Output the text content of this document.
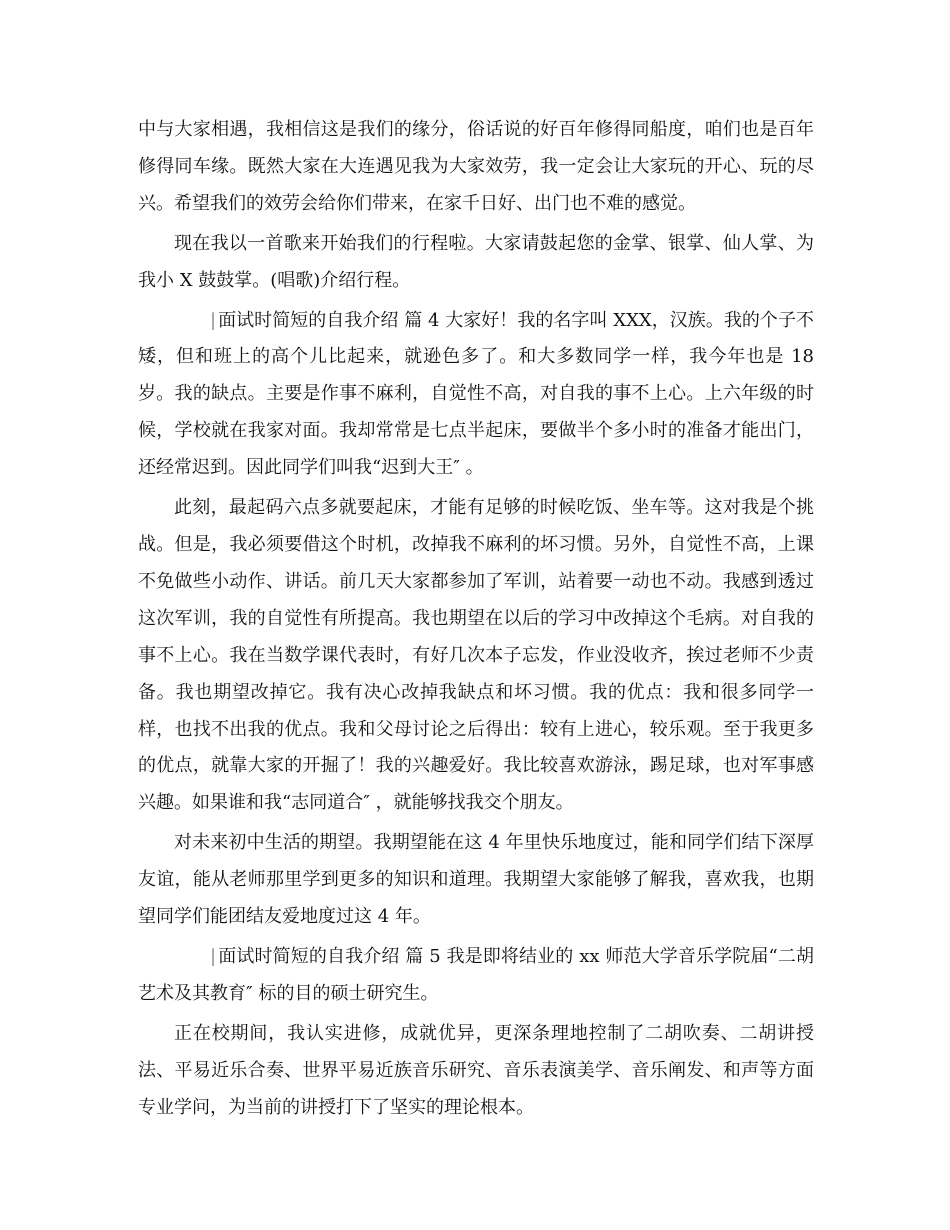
中与大家相遇，我相信这是我们的缘分，俗话说的好百年修得同船度，咱们也是百年修得同车缘。既然大家在大连遇见我为大家效劳，我一定会让大家玩的开心、玩的尽兴。希望我们的效劳会给你们带来，在家千日好、出门也不难的感觉。

现在我以一首歌来开始我们的行程啦。大家请鼓起您的金掌、银掌、仙人掌、为我小 X 鼓鼓掌。(唱歌)介绍行程。

| 面试时简短的自我介绍 篇 4 大家好！我的名字叫 XXX，汉族。我的个子不矮，但和班上的高个儿比起来，就逊色多了。和大多数同学一样，我今年也是 18岁。我的缺点。主要是作事不麻利，自觉性不高，对自我的事不上心。上六年级的时候，学校就在我家对面。我却常常是七点半起床，要做半个多小时的准备才能出门，还经常迟到。因此同学们叫我“迟到大王″ 。

此刻，最起码六点多就要起床，才能有足够的时候吃饭、坐车等。这对我是个挑战。但是，我必须要借这个时机，改掉我不麻利的坏习惯。另外，自觉性不高，上课不免做些小动作、讲话。前几天大家都参加了军训，站着要一动也不动。我感到透过这次军训，我的自觉性有所提高。我也期望在以后的学习中改掉这个毛病。对自我的事不上心。我在当数学课代表时，有好几次本子忘发，作业没收齐，挨过老师不少责备。我也期望改掉它。我有决心改掉我缺点和坏习惯。我的优点：我和很多同学一样，也找不出我的优点。我和父母讨论之后得出：较有上进心，较乐观。至于我更多的优点，就靠大家的开掘了！我的兴趣爱好。我比较喜欢游泳，踢足球，也对军事感兴趣。如果谁和我“志同道合″ ，就能够找我交个朋友。

对未来初中生活的期望。我期望能在这 4 年里快乐地度过，能和同学们结下深厚友谊，能从老师那里学到更多的知识和道理。我期望大家能够了解我，喜欢我，也期望同学们能团结友爱地度过这 4 年。

| 面试时简短的自我介绍 篇 5 我是即将结业的 xx 师范大学音乐学院届“二胡艺术及其教育″ 标的目的硕士研究生。

正在校期间，我认实进修，成就优异，更深条理地控制了二胡吹奏、二胡讲授法、平易近乐合奏、世界平易近族音乐研究、音乐表演美学、音乐阐发、和声等方面专业学问，为当前的讲授打下了坚实的理论根本。
